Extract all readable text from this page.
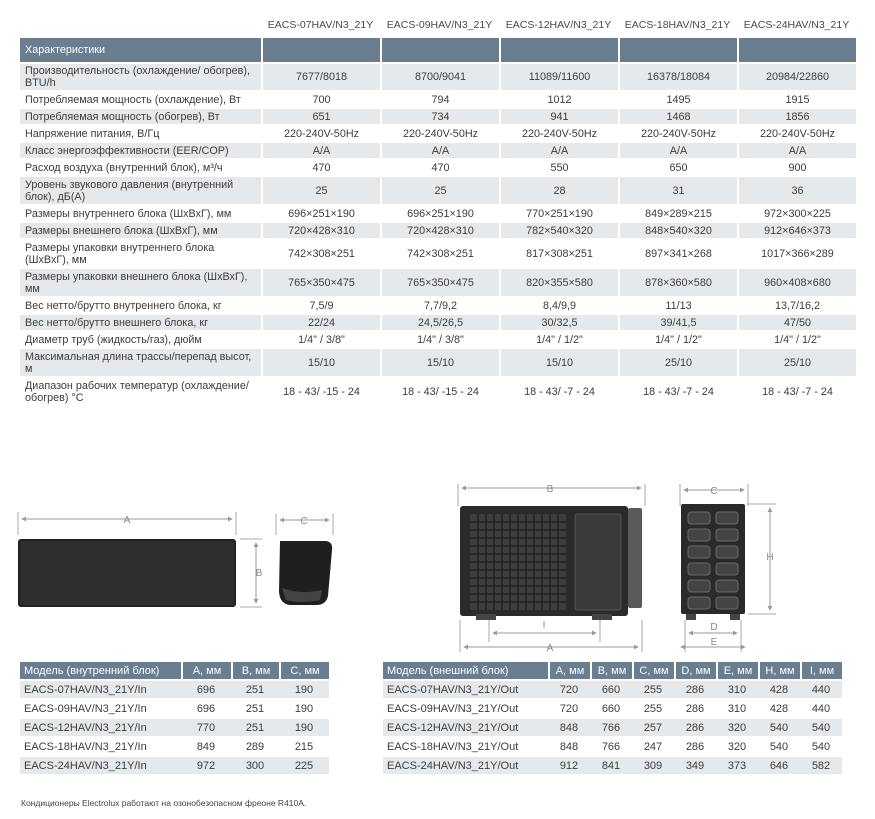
	EACS-07HAV/N3_21Y	EACS-09HAV/N3_21Y	EACS-12HAV/N3_21Y	EACS-18HAV/N3_21Y	EACS-24HAV/N3_21Y
Характеристики					
Производительность (охлаждение/ обогрев), BTU/h	7677/8018	8700/9041	11089/11600	16378/18084	20984/22860
Потребляемая мощность (охлаждение), Вт	700	794	1012	1495	1915
Потребляемая мощность (обогрев), Вт	651	734	941	1468	1856
Напряжение питания, В/Гц	220-240V-50Hz	220-240V-50Hz	220-240V-50Hz	220-240V-50Hz	220-240V-50Hz
Класс энергоэффективности (EER/COP)	A/A	A/A	A/A	A/A	A/A
Расход воздуха (внутренний блок), м³/ч	470	470	550	650	900
Уровень звукового давления (внутренний блок), дБ(А)	25	25	28	31	36
Размеры внутреннего блока (ШхВхГ), мм	696×251×190	696×251×190	770×251×190	849×289×215	972×300×225
Размеры внешнего блока (ШхВхГ), мм	720×428×310	720×428×310	782×540×320	848×540×320	912×646×373
Размеры упаковки внутреннего блока (ШхВхГ), мм	742×308×251	742×308×251	817×308×251	897×341×268	1017×366×289
Размеры упаковки внешнего блока (ШхВхГ), мм	765×350×475	765×350×475	820×355×580	878×360×580	960×408×680
Вес нетто/брутто внутреннего блока, кг	7,5/9	7,7/9,2	8,4/9,9	11/13	13,7/16,2
Вес нетто/брутто внешнего блока, кг	22/24	24,5/26,5	30/32,5	39/41,5	47/50
Диаметр труб (жидкость/газ), дюйм	1/4" / 3/8"	1/4" / 3/8"	1/4" / 1/2"	1/4" / 1/2"	1/4" / 1/2"
Максимальная длина трассы/перепад высот, м	15/10	15/10	15/10	25/10	25/10
Диапазон рабочих температур (охлаждение/обогрев) °С	18 - 43/ -15 - 24	18 - 43/ -15 - 24	18 - 43/ -7 - 24	18 - 43/ -7 - 24	18 - 43/ -7 - 24
A
B
C
B
I
A
C
H
D
E
Модель (внутренний блок)	A, мм	B, мм	C, мм
EACS-07HAV/N3_21Y/In	696	251	190
EACS-09HAV/N3_21Y/In	696	251	190
EACS-12HAV/N3_21Y/In	770	251	190
EACS-18HAV/N3_21Y/In	849	289	215
EACS-24HAV/N3_21Y/In	972	300	225
Модель (внешний блок)	A, мм	B, мм	C, мм	D, мм	E, мм	H, мм	I, мм
EACS-07HAV/N3_21Y/Out	720	660	255	286	310	428	440
EACS-09HAV/N3_21Y/Out	720	660	255	286	310	428	440
EACS-12HAV/N3_21Y/Out	848	766	257	286	320	540	540
EACS-18HAV/N3_21Y/Out	848	766	247	286	320	540	540
EACS-24HAV/N3_21Y/Out	912	841	309	349	373	646	582
Кондиционеры Electrolux работают на озонобезопасном фреоне R410A.
